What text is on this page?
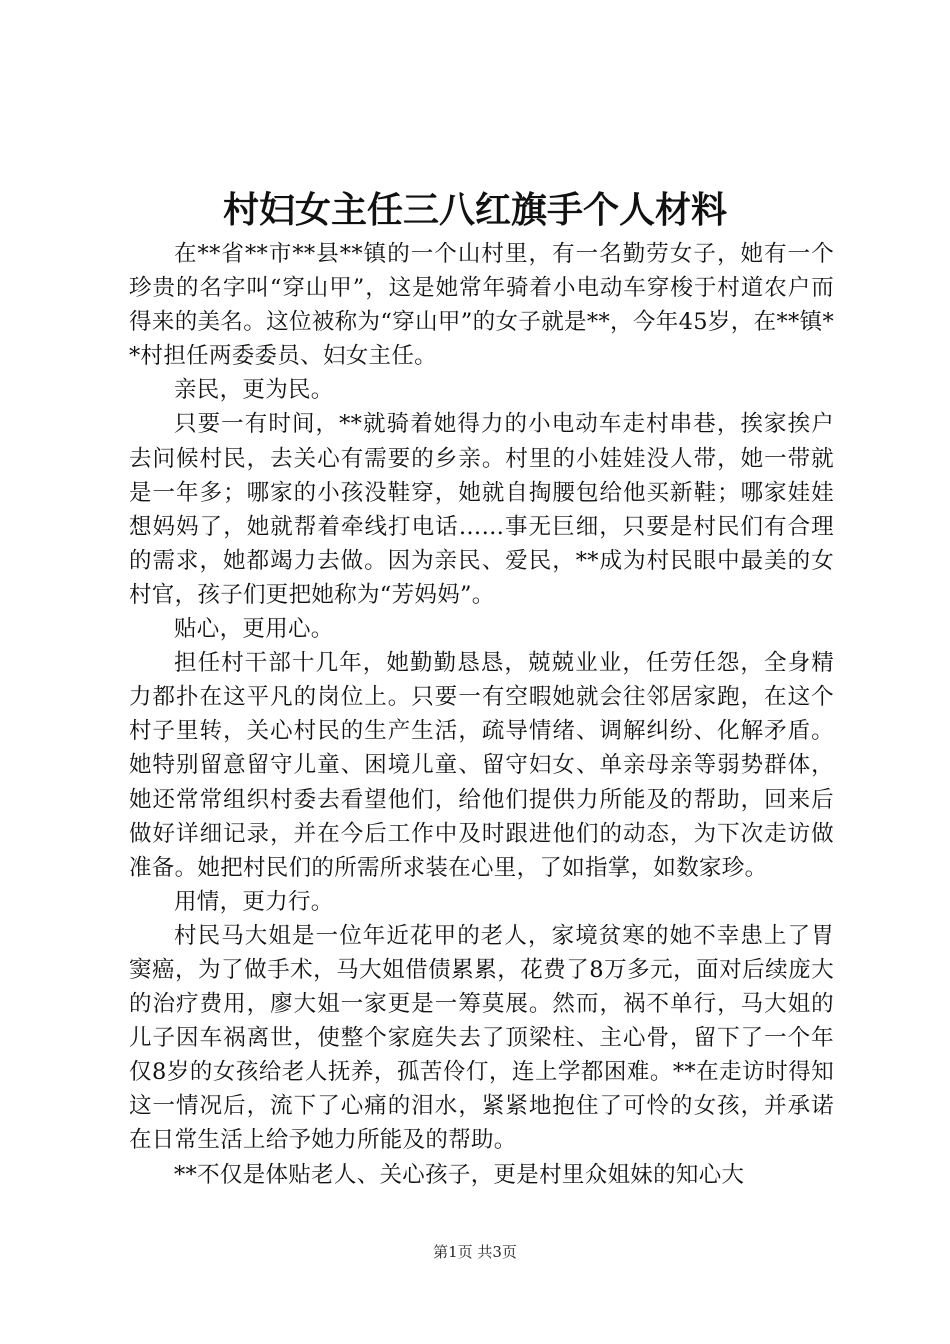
村妇女主任三八红旗手个人材料

在**省**市**县**镇的一个山村里，有一名勤劳女子，她有一个珍贵的名字叫“穿山甲”，这是她常年骑着小电动车穿梭于村道农户而得来的美名。这位被称为“穿山甲”的女子就是**，今年45岁，在**镇**村担任两委委员、妇女主任。

亲民，更为民。

只要一有时间，**就骑着她得力的小电动车走村串巷，挨家挨户去问候村民，去关心有需要的乡亲。村里的小娃娃没人带，她一带就是一年多；哪家的小孩没鞋穿，她就自掏腰包给他买新鞋；哪家娃娃想妈妈了，她就帮着牵线打电话……事无巨细，只要是村民们有合理的需求，她都竭力去做。因为亲民、爱民，**成为村民眼中最美的女村官，孩子们更把她称为“芳妈妈”。

贴心，更用心。

担任村干部十几年，她勤勤恳恳，兢兢业业，任劳任怨，全身精力都扑在这平凡的岗位上。只要一有空暇她就会往邻居家跑，在这个村子里转，关心村民的生产生活，疏导情绪、调解纠纷、化解矛盾。她特别留意留守儿童、困境儿童、留守妇女、单亲母亲等弱势群体，她还常常组织村委去看望他们，给他们提供力所能及的帮助，回来后做好详细记录，并在今后工作中及时跟进他们的动态，为下次走访做准备。她把村民们的所需所求装在心里，了如指掌，如数家珍。

用情，更力行。

村民马大姐是一位年近花甲的老人，家境贫寒的她不幸患上了胃窦癌，为了做手术，马大姐借债累累，花费了8万多元，面对后续庞大的治疗费用，廖大姐一家更是一筹莫展。然而，祸不单行，马大姐的儿子因车祸离世，使整个家庭失去了顶梁柱、主心骨，留下了一个年仅8岁的女孩给老人抚养，孤苦伶仃，连上学都困难。**在走访时得知这一情况后，流下了心痛的泪水，紧紧地抱住了可怜的女孩，并承诺在日常生活上给予她力所能及的帮助。

**不仅是体贴老人、关心孩子，更是村里众姐妹的知心大

第1页 共3页
